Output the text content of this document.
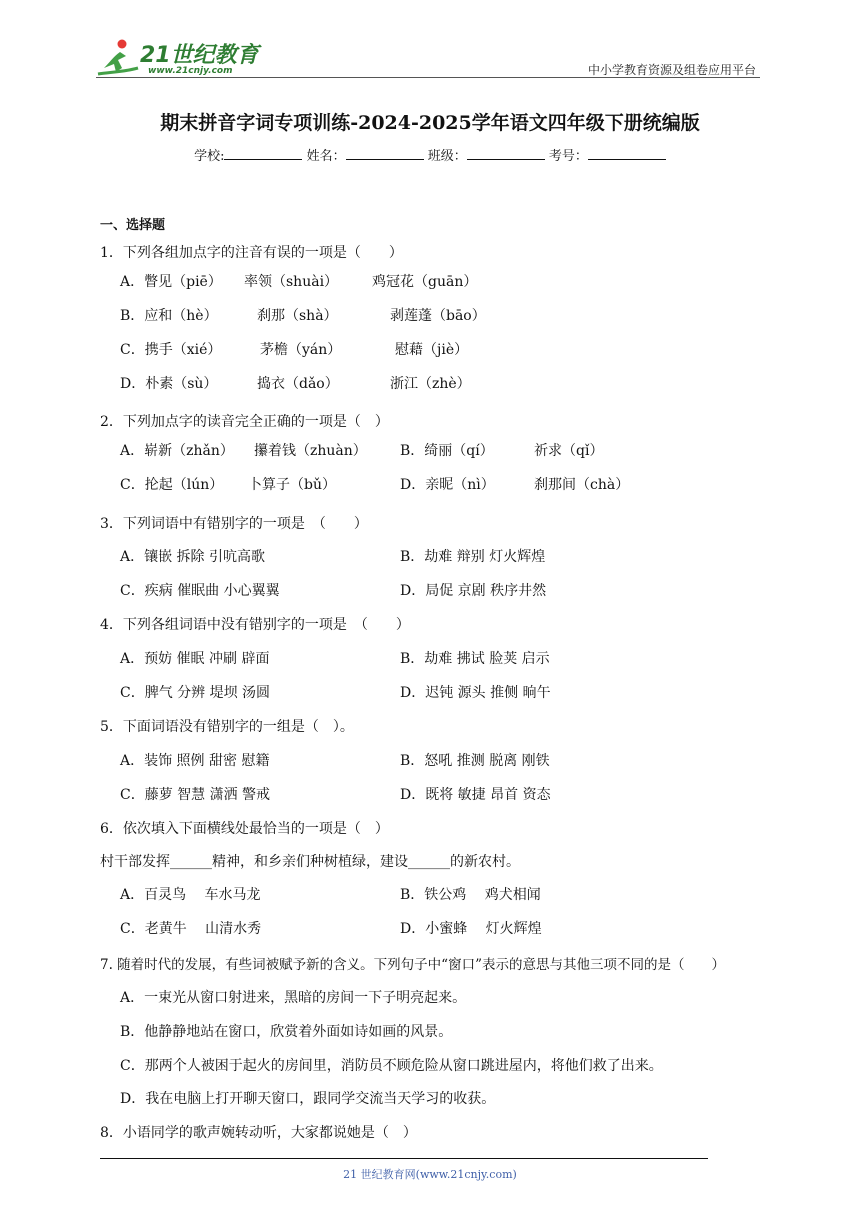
21世纪教育
www.21cnjy.com	中小学教育资源及组卷应用平台
期末拼音字词专项训练-2024-2025学年语文四年级下册统编版
学校:	姓名：	班级：	考号：
一、选择题
1．下列各组加点字的注音有误的一项是（　　）
A．瞥见（piē） 率领（shuài） 鸡冠花（guān）
B．应和（hè）	刹那（shà）	剥莲蓬（bāo）
C．携手（xié）	茅檐（yán）	慰藉（jiè）
D．朴素（sù）	捣衣（dǎo）	浙江（zhè）
2．下列加点字的读音完全正确的一项是（　）
A．崭新（zhǎn） 攥着钱（zhuàn） B．绮丽（qí）	祈求（qǐ）
C．抡起（lún） 卜算子（bǔ）	D．亲昵（nì）	刹那间（chà）
3．下列词语中有错别字的一项是　（　　）
A．镶嵌 拆除 引吭高歌	B．劫难 辩别 灯火辉煌
C．疾病 催眠曲 小心翼翼	D．局促 京剧 秩序井然
4．下列各组词语中没有错别字的一项是　（　　）
A．预妨 催眠 冲刷 辟面	B．劫难 拂试 脸荚 启示
C．脾气 分辨 堤坝 汤圆	D．迟钝 源头 推侧 晌午
5．下面词语没有错别字的一组是（　）。
A．装饰 照例 甜密 慰籍	B．怒吼 推测 脱离 刚铁
C．藤萝 智慧 潇洒 警戒	D．既将 敏捷 昂首 资态
6．依次填入下面横线处最恰当的一项是（　）
村干部发挥______精神，和乡亲们种树植绿，建设______的新农村。
A．百灵鸟　 车水马龙	B．铁公鸡　 鸡犬相闻
C．老黄牛　 山清水秀	D．小蜜蜂　 灯火辉煌
7. 随着时代的发展，有些词被赋予新的含义。下列句子中“窗口”表示的意思与其他三项不同的是（　　）
A．一束光从窗口射进来，黑暗的房间一下子明亮起来。
B．他静静地站在窗口，欣赏着外面如诗如画的风景。
C．那两个人被困于起火的房间里，消防员不顾危险从窗口跳进屋内，将他们救了出来。
D．我在电脑上打开聊天窗口，跟同学交流当天学习的收获。
8．小语同学的歌声婉转动听，大家都说她是（　）
21 世纪教育网(www.21cnjy.com)
